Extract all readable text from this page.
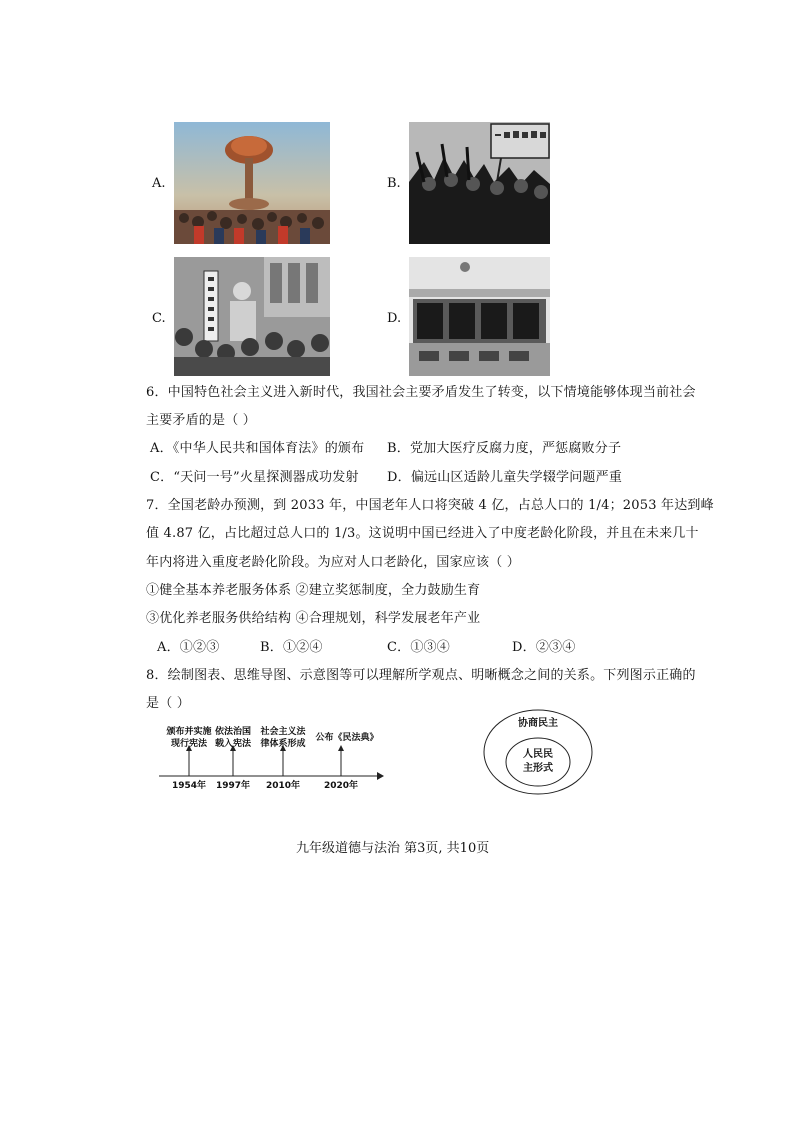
A.	B.
C.	D.
6．中国特色社会主义进入新时代，我国社会主要矛盾发生了转变，以下情境能够体现当前社会
主要矛盾的是（ ）
A．《中华人民共和国体育法》的颁布 B．党加大医疗反腐力度，严惩腐败分子
C．“天问一号”火星探测器成功发射 D．偏远山区适龄儿童失学辍学问题严重
7．全国老龄办预测，到 2033 年，中国老年人口将突破 4 亿，占总人口的 1/4；2053 年达到峰
值 4.87 亿，占比超过总人口的 1/3。这说明中国已经进入了中度老龄化阶段，并且在未来几十
年内将进入重度老龄化阶段。为应对人口老龄化，国家应该（ ）
①健全基本养老服务体系 ②建立奖惩制度，全力鼓励生育
③优化养老服务供给结构 ④合理规划，科学发展老年产业
A．①②③	B．①②④	C．①③④	D．②③④
8．绘制图表、思维导图、示意图等可以理解所学观点、明晰概念之间的关系。下列图示正确的
是（ ）
颁布并实施
现行宪法
依法治国
载入宪法
社会主义法
律体系形成
公布《民法典》
1954年	1997年	2010年	2020年
协商民主
人民民
主形式
九年级道德与法治 第3页, 共10页
